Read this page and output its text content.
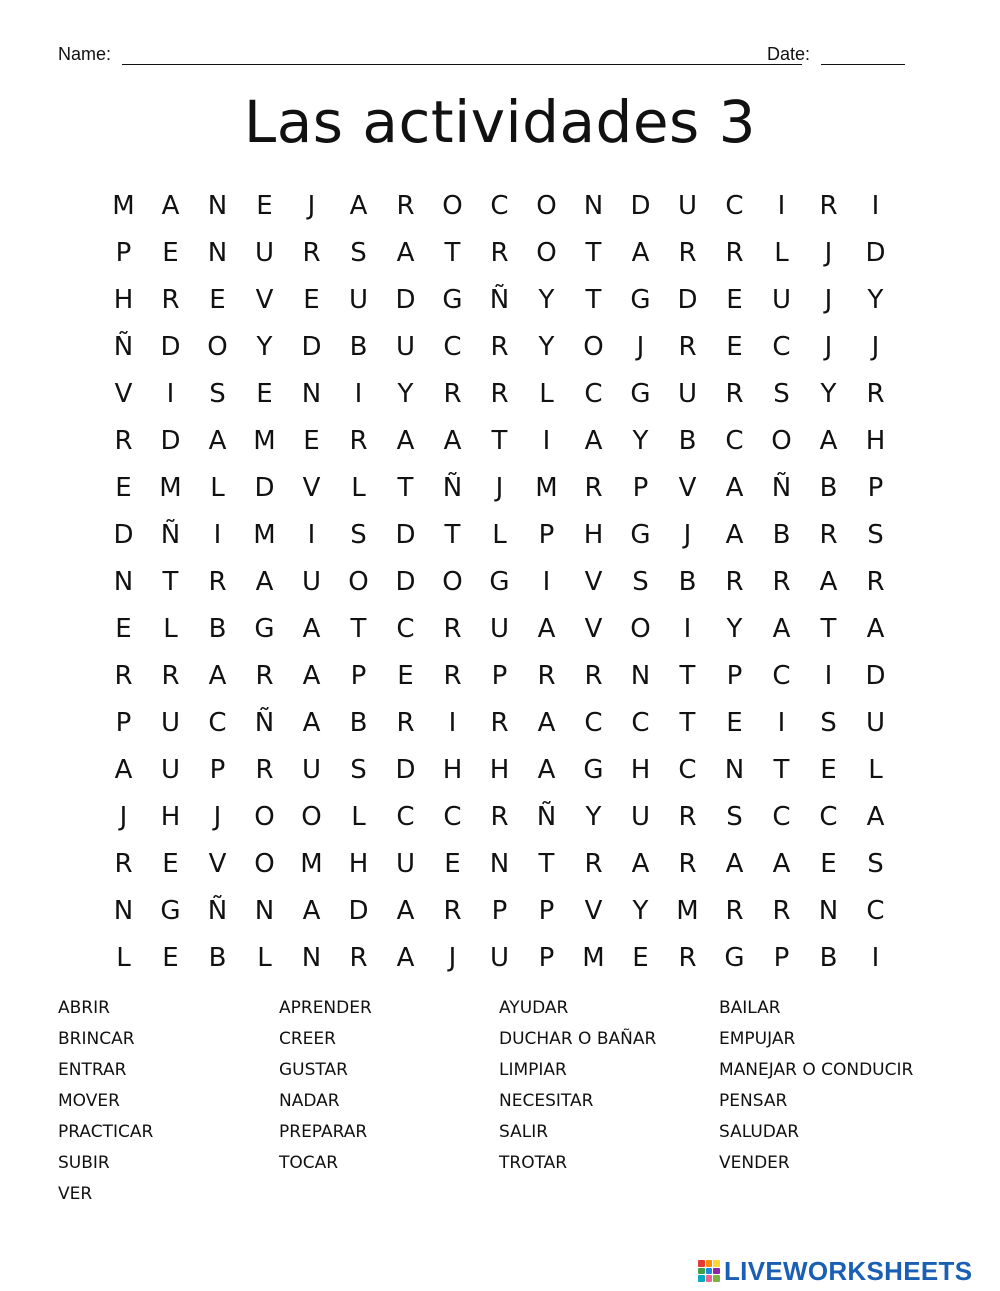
Name:	Date:
Las actividades 3
M	A	N	E	J	A	R	O	C	O	N	D	U	C	I	R	I
P	E	N	U	R	S	A	T	R	O	T	A	R	R	L	J	D
H	R	E	V	E	U	D	G	Ñ	Y	T	G	D	E	U	J	Y
Ñ	D	O	Y	D	B	U	C	R	Y	O	J	R	E	C	J	J
V	I	S	E	N	I	Y	R	R	L	C	G	U	R	S	Y	R
R	D	A	M	E	R	A	A	T	I	A	Y	B	C	O	A	H
E	M	L	D	V	L	T	Ñ	J	M	R	P	V	A	Ñ	B	P
D	Ñ	I	M	I	S	D	T	L	P	H	G	J	A	B	R	S
N	T	R	A	U	O	D	O	G	I	V	S	B	R	R	A	R
E	L	B	G	A	T	C	R	U	A	V	O	I	Y	A	T	A
R	R	A	R	A	P	E	R	P	R	R	N	T	P	C	I	D
P	U	C	Ñ	A	B	R	I	R	A	C	C	T	E	I	S	U
A	U	P	R	U	S	D	H	H	A	G	H	C	N	T	E	L
J	H	J	O	O	L	C	C	R	Ñ	Y	U	R	S	C	C	A
R	E	V	O M	H	U	E	N	T	R	A	R	A	A	E	S
N	G	Ñ	N	A	D	A	R	P	P	V	Y	M	R	R	N	C
L	E	B	L	N	R	A	J	U	P	M	E	R	G	P	B	I
ABRIR	APRENDER	AYUDAR	BAILAR
BRINCAR	CREER	DUCHAR O BAÑAR	EMPUJAR
ENTRAR	GUSTAR	LIMPIAR	MANEJAR O CONDUCIR
MOVER	NADAR	NECESITAR	PENSAR
PRACTICAR	PREPARAR	SALIR	SALUDAR
SUBIR	TOCAR	TROTAR	VENDER
VER
LIVEWORKSHEETS
